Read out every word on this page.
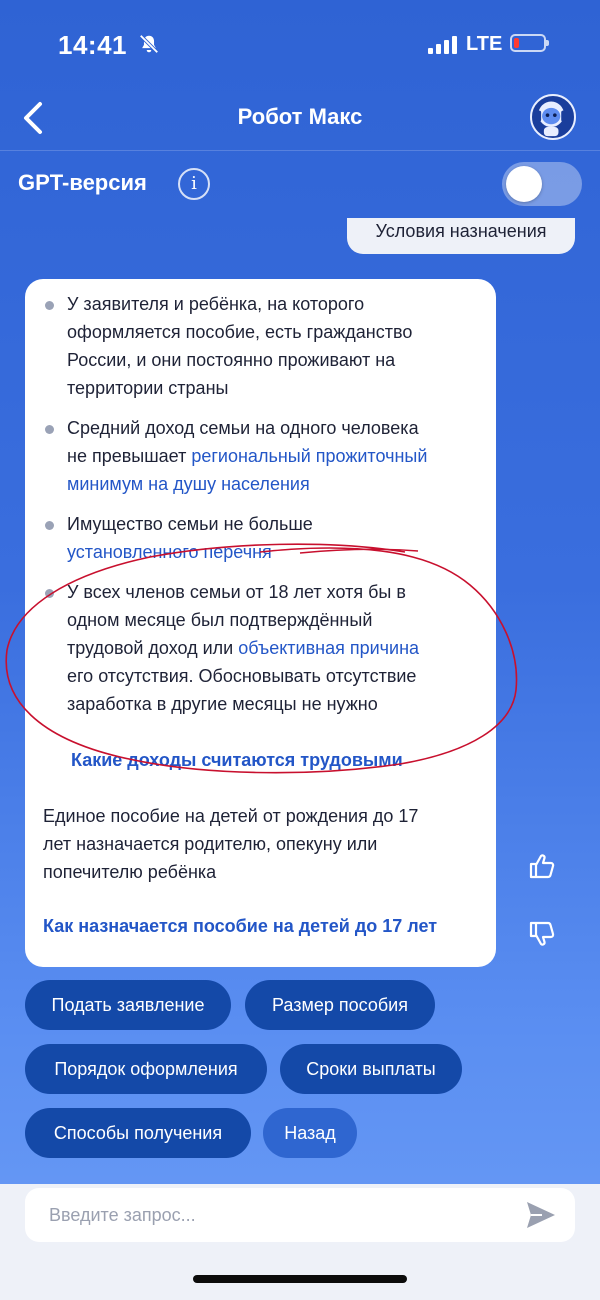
14:41	LTE
Робот Макс
GPT-версия	i
Условия назначения
У заявителя и ребёнка, на которого
оформляется пособие, есть гражданство
России, и они постоянно проживают на
территории страны
Средний доход семьи на одного человека
не превышает региональный прожиточный
минимум на душу населения
Имущество семьи не больше
установленного перечня
У всех членов семьи от 18 лет хотя бы в
одном месяце был подтверждённый
трудовой доход или объективная причина
его отсутствия. Обосновывать отсутствие
заработка в другие месяцы не нужно
Какие доходы считаются трудовыми
Единое пособие на детей от рождения до 17
лет назначается родителю, опекуну или
попечителю ребёнка
Как назначается пособие на детей до 17 лет
Подать заявление	Размер пособия
Порядок оформления	Сроки выплаты
Способы получения	Назад
Введите запрос...
